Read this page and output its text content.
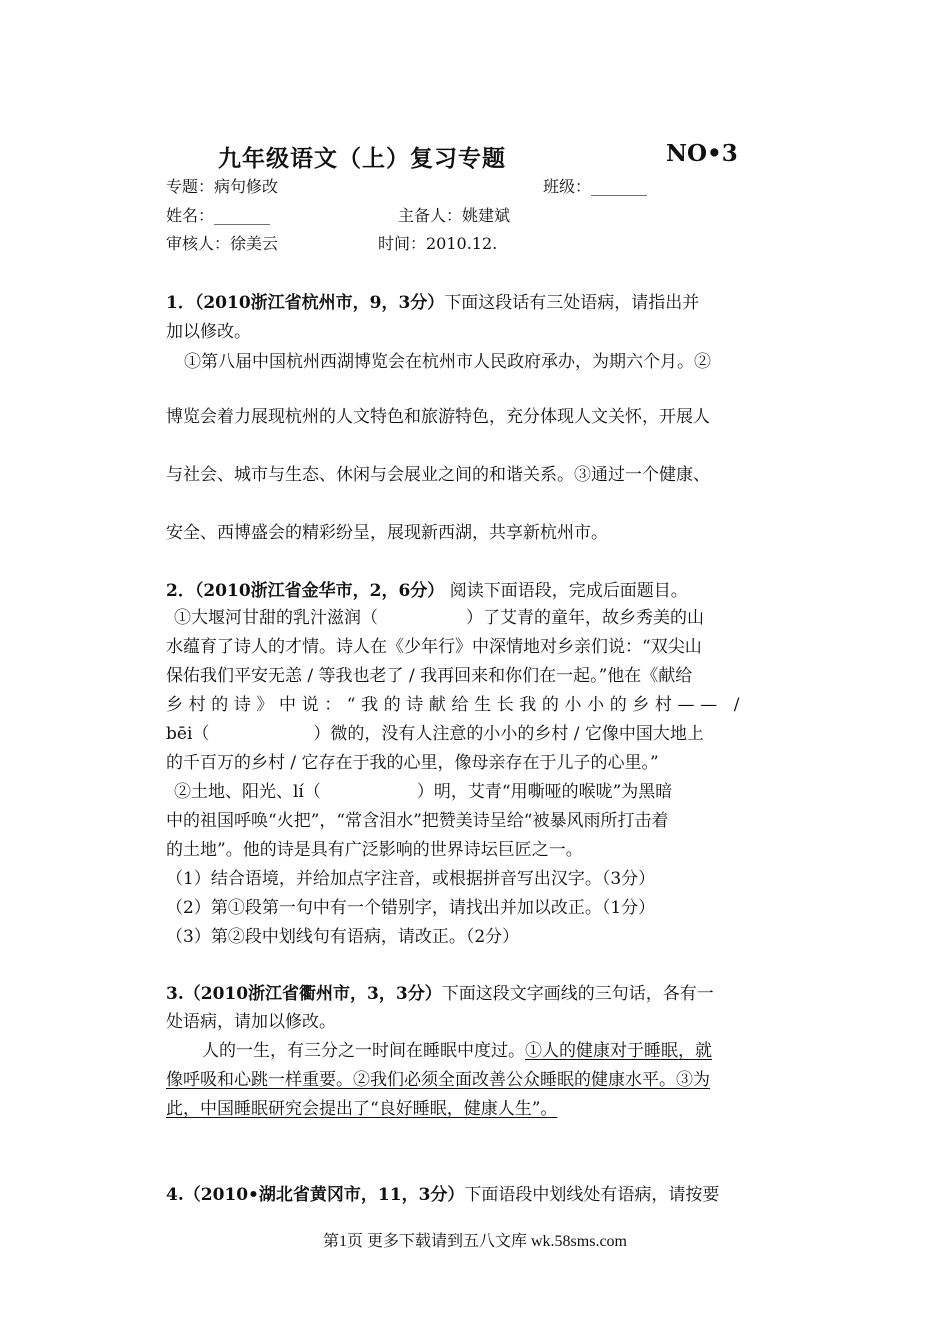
九年级语文（上）复习专题	NO•3
专题：病句修改	班级：_______
姓名：_______	主备人：姚建斌
审核人：徐美云	时间：2010.12.
1．（2010浙江省杭州市，9，3分）下面这段话有三处语病，请指出并
加以修改。
①第八届中国杭州西湖博览会在杭州市人民政府承办，为期六个月。②
博览会着力展现杭州的人文特色和旅游特色，充分体现人文关怀，开展人
与社会、城市与生态、休闲与会展业之间的和谐关系。③通过一个健康、
安全、西博盛会的精彩纷呈，展现新西湖，共享新杭州市。
2．（2010浙江省金华市，2，6分） 阅读下面语段，完成后面题目。
①大堰河甘甜的乳汁滋润（	）了艾青的童年，故乡秀美的山
水蕴育了诗人的才情。诗人在《少年行》中深情地对乡亲们说：“双尖山
保佑我们平安无恙 / 等我也老了 / 我再回来和你们在一起。”他在《献给
乡村的诗》中说：“我的诗献给生长我的小小的乡村—— /
bēi（	）微的，没有人注意的小小的乡村 / 它像中国大地上
的千百万的乡村 / 它存在于我的心里，像母亲存在于儿子的心里。”
②土地、阳光、lí（	）明，艾青“用嘶哑的喉咙”为黑暗
中的祖国呼唤“火把”，“常含泪水”把赞美诗呈给“被暴风雨所打击着
的土地”。他的诗是具有广泛影响的世界诗坛巨匠之一。
（1）结合语境，并给加点字注音，或根据拼音写出汉字。（3分）
（2）第①段第一句中有一个错别字，请找出并加以改正。（1分）
（3）第②段中划线句有语病，请改正。（2分）
3.（2010浙江省衢州市，3，3分）下面这段文字画线的三句话，各有一
处语病，请加以修改。
人的一生，有三分之一时间在睡眠中度过。①人的健康对于睡眠，就
像呼吸和心跳一样重要。②我们必须全面改善公众睡眠的健康水平。③为
此，中国睡眠研究会提出了“良好睡眠，健康人生”。
4.（2010•湖北省黄冈市，11，3分）下面语段中划线处有语病，请按要
第1页 更多下载请到五八文库 wk.58sms.com
